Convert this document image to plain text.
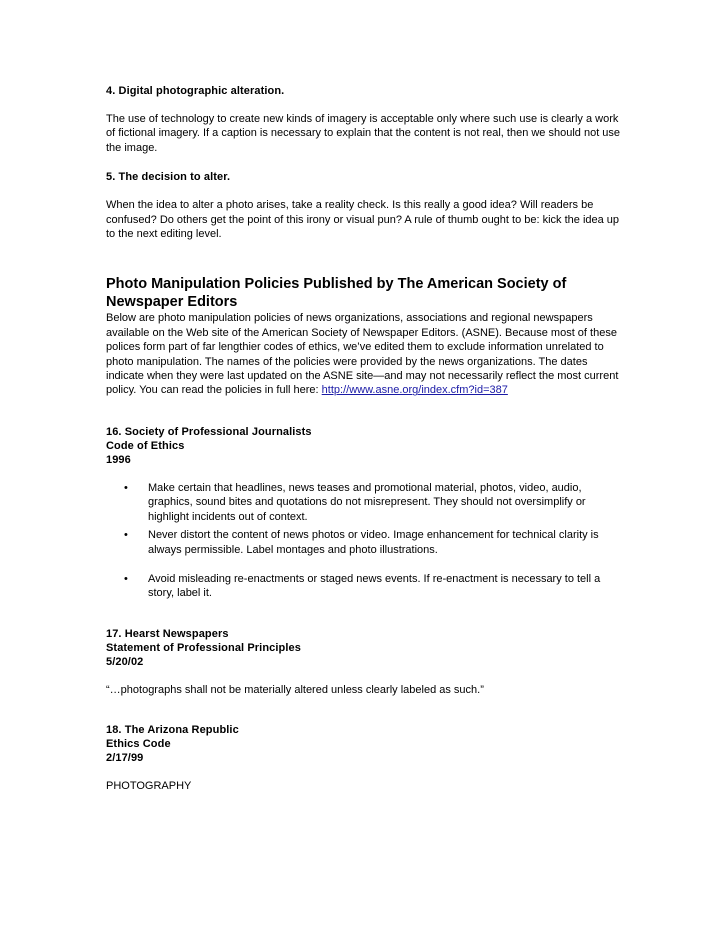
4. Digital photographic alteration.

The use of technology to create new kinds of imagery is acceptable only where such use is clearly a work of fictional imagery. If a caption is necessary to explain that the content is not real, then we should not use the image.

5. The decision to alter.

When the idea to alter a photo arises, take a reality check. Is this really a good idea? Will readers be confused? Do others get the point of this irony or visual pun? A rule of thumb ought to be: kick the idea up to the next editing level.

Photo Manipulation Policies Published by The American Society of Newspaper Editors

Below are photo manipulation policies of news organizations, associations and regional newspapers available on the Web site of the American Society of Newspaper Editors. (ASNE). Because most of these polices form part of far lengthier codes of ethics, we’ve edited them to exclude information unrelated to photo manipulation. The names of the policies were provided by the news organizations. The dates indicate when they were last updated on the ASNE site—and may not necessarily reflect the most current policy. You can read the policies in full here: http://www.asne.org/index.cfm?id=387

16. Society of Professional Journalists

Code of Ethics

1996

• Make certain that headlines, news teases and promotional material, photos, video, audio, graphics, sound bites and quotations do not misrepresent. They should not oversimplify or highlight incidents out of context.
• Never distort the content of news photos or video. Image enhancement for technical clarity is always permissible. Label montages and photo illustrations.
• Avoid misleading re-enactments or staged news events. If re-enactment is necessary to tell a story, label it.

17. Hearst Newspapers

Statement of Professional Principles

5/20/02

“…photographs shall not be materially altered unless clearly labeled as such.”

18. The Arizona Republic

Ethics Code

2/17/99

PHOTOGRAPHY
